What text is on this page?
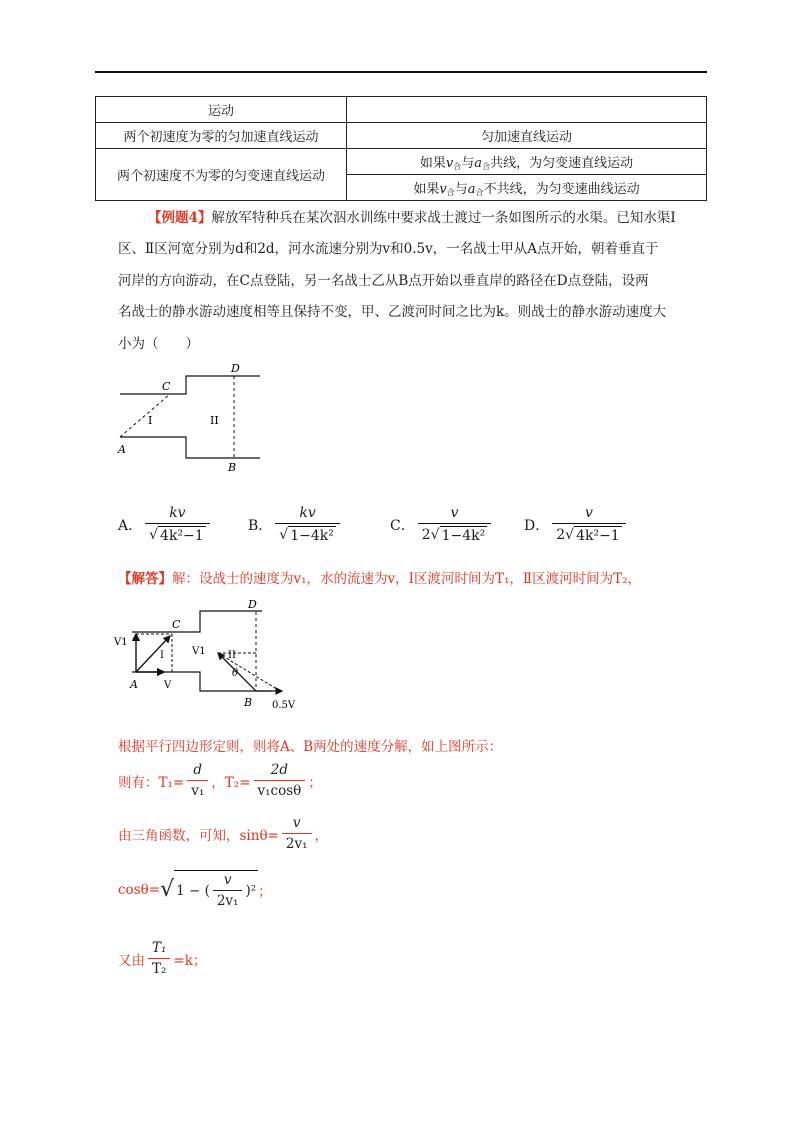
运动	
两个初速度为零的匀加速直线运动	匀加速直线运动
两个初速度不为零的匀变速直线运动	如果$v_合$与$a_合$共线，为匀变速直线运动
	如果$v_合$与$a_合$不共线，为匀变速曲线运动
【例题4】解放军特种兵在某次泅水训练中要求战士渡过一条如图所示的水渠。已知水渠Ⅰ
区、Ⅱ区河宽分别为d和2d，河水流速分别为v和0.5v，一名战士甲从A点开始，朝着垂直于
河岸的方向游动，在C点登陆，另一名战士乙从B点开始以垂直岸的路径在D点登陆，设两
名战士的静水游动速度相等且保持不变，甲、乙渡河时间之比为k。则战士的静水游动速度大
小为（　　）
C
D
I	II
A
B
A． $\frac{kv}{\text{√ 4k²−1}}$	B． $\frac{kv}{\text{√ 1−4k²}}$	C． $\frac{v}{\text{2√ 1−4k²}}$ D． $\frac{v}{\text{2√ 4k²−1}}$
【解答】解：设战士的速度为v₁，水的流速为v，Ⅰ区渡河时间为T₁，Ⅱ区渡河时间为T₂，
C
D
V1
I
A	V
V1 II
θ
B 0.5V
根据平行四边形定则，则将A、B两处的速度分解，如上图所示：
则有：$T_1= \frac{d}{\text{v₁}}$ ，$T_2= \frac{2d}{\text{v₁cosθ}}$ ；
由三角函数，可知，$\sin\theta= \frac{v}{\text{2v₁}}$ ，
cosθ= √ 1 − ( $\frac{v}{\text{2v₁}} )^2$ ；
又由 $\frac{\text{T₁}}{\text{T₂}} =k$；
